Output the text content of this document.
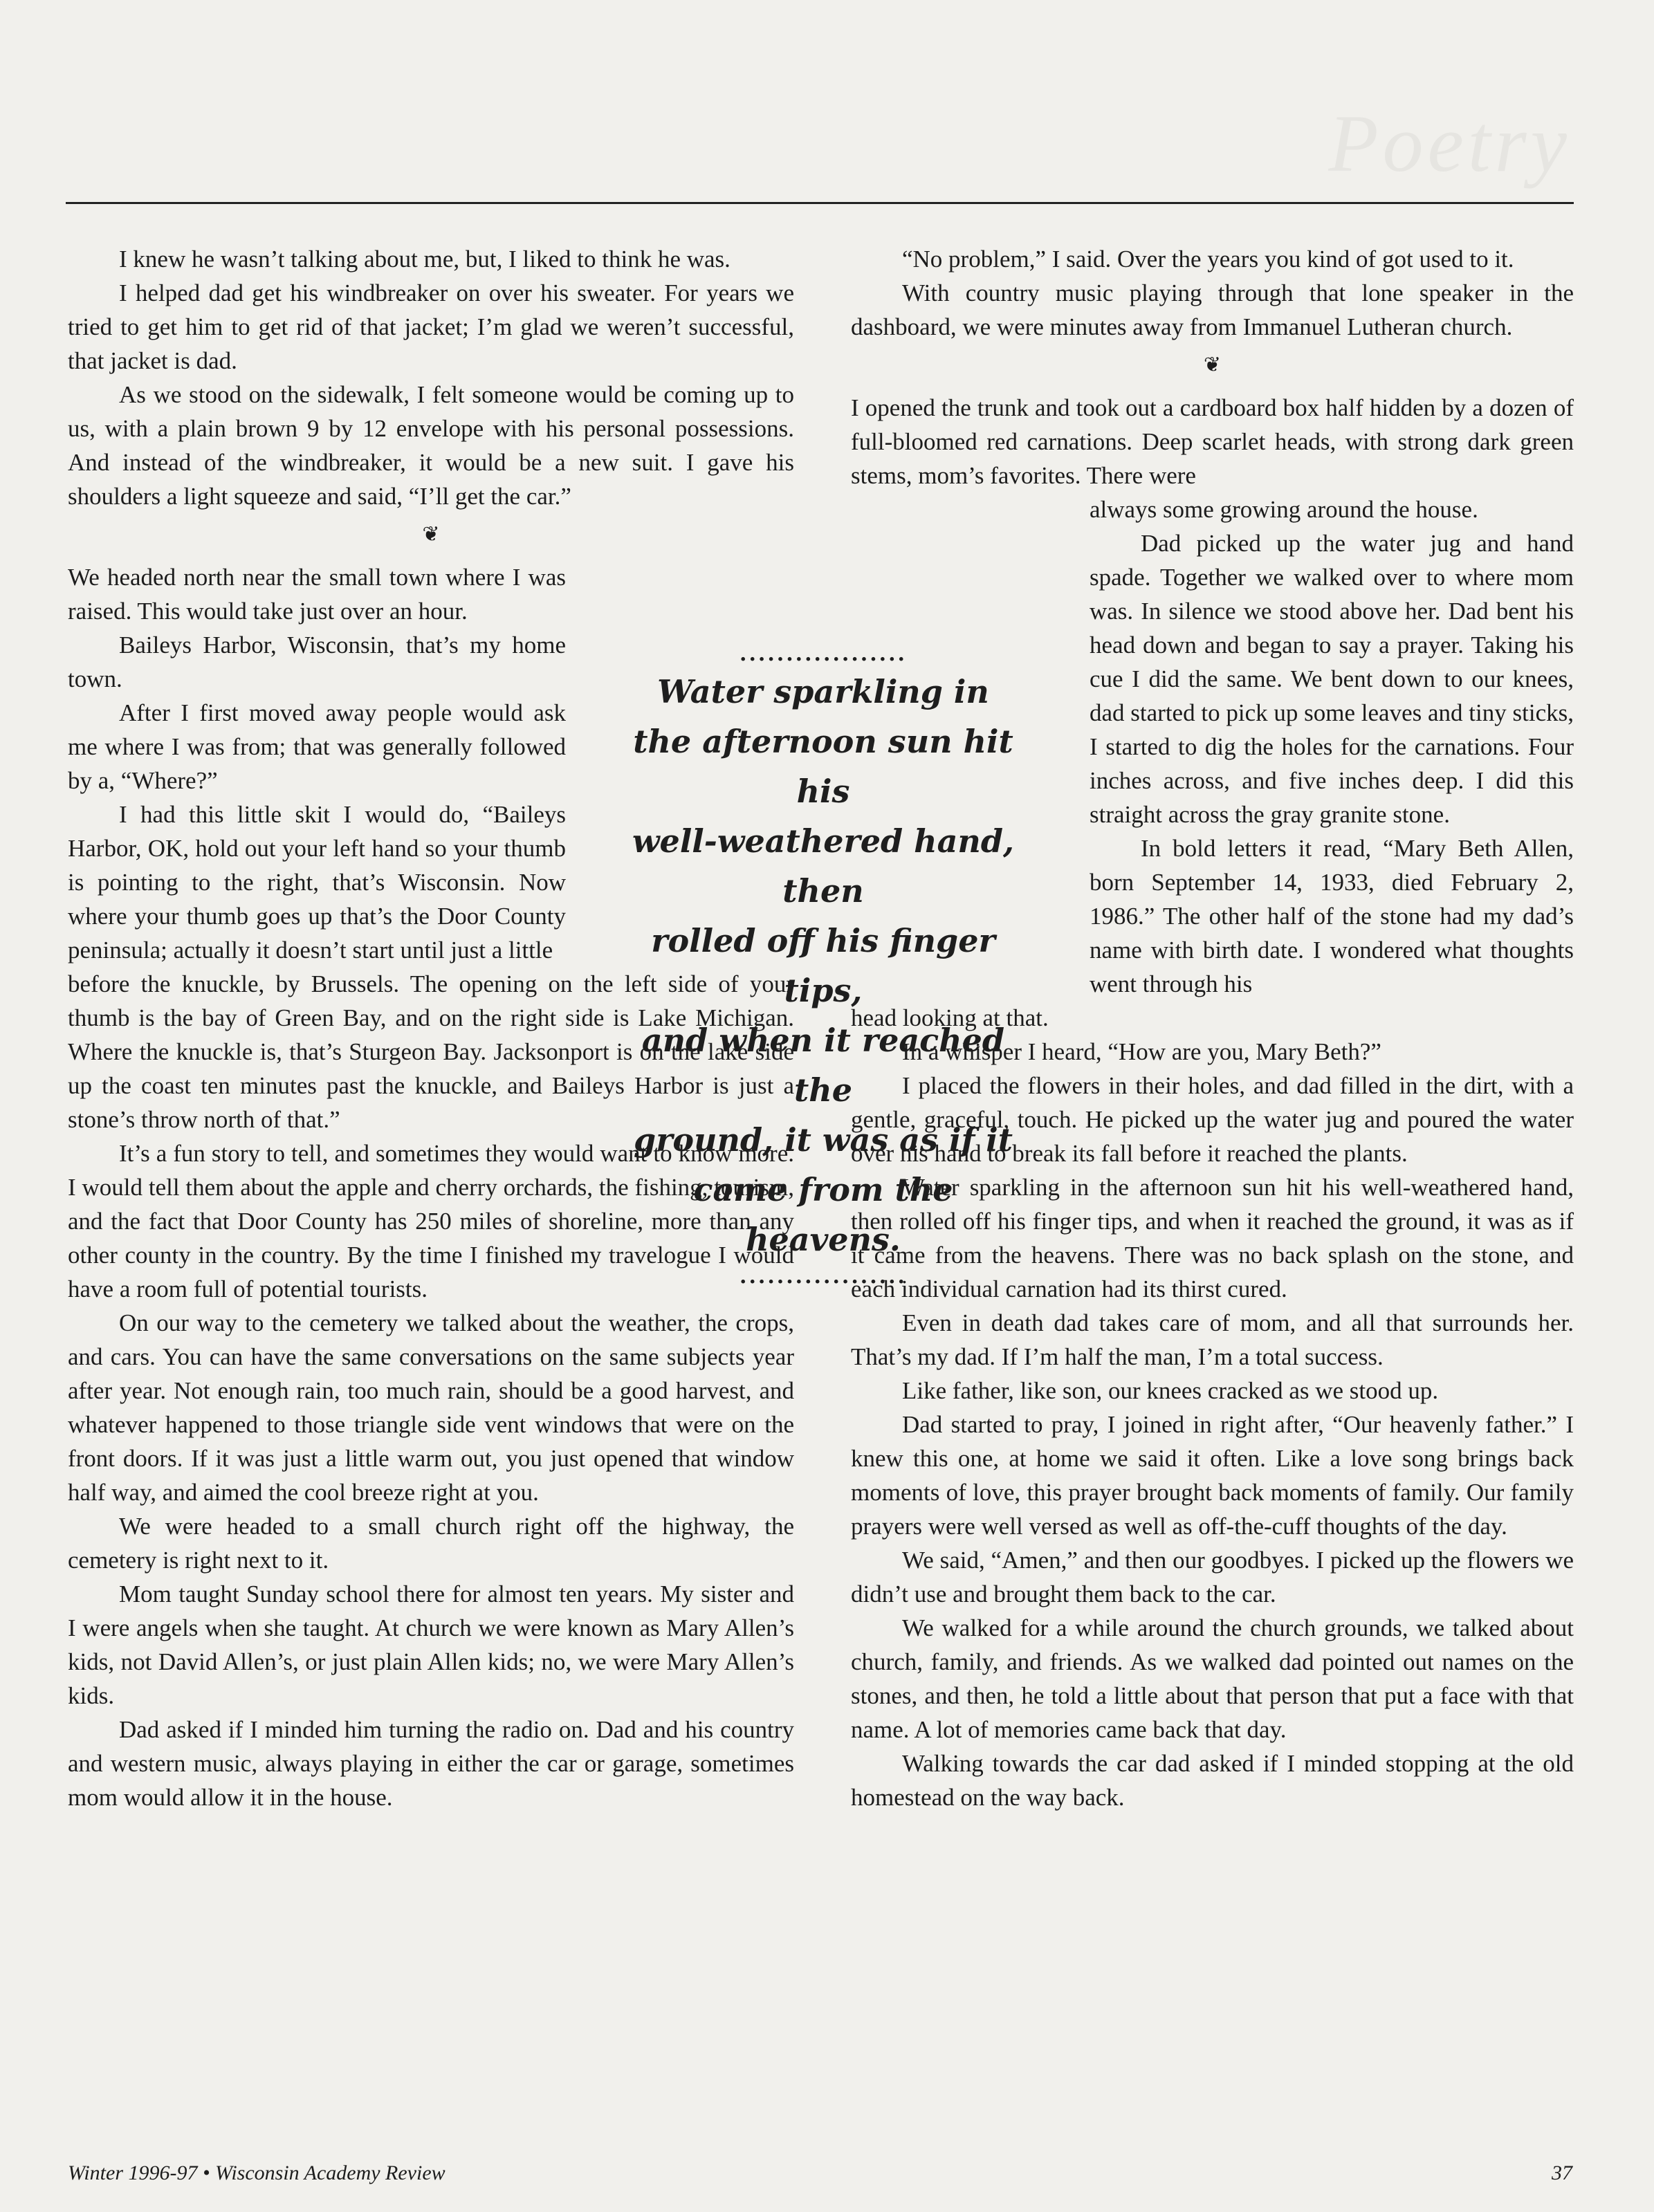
Poetry

I knew he wasn’t talking about me, but, I liked to think he was.

I helped dad get his windbreaker on over his sweater. For years we tried to get him to get rid of that jacket; I’m glad we weren’t successful, that jacket is dad.

As we stood on the sidewalk, I felt someone would be coming up to us, with a plain brown 9 by 12 envelope with his personal possessions. And instead of the windbreaker, it would be a new suit. I gave his shoulders a light squeeze and said, “I’ll get the car.”

❦

We headed north near the small town where I was raised. This would take just over an hour.

Baileys Harbor, Wisconsin, that’s my home town.

After I first moved away people would ask me where I was from; that was generally followed by a, “Where?”

I had this little skit I would do, “Baileys Harbor, OK, hold out your left hand so your thumb is pointing to the right, that’s Wisconsin. Now where your thumb goes up that’s the Door County peninsula; actually it doesn’t start until just a little

before the knuckle, by Brussels. The opening on the left side of your thumb is the bay of Green Bay, and on the right side is Lake Michigan. Where the knuckle is, that’s Sturgeon Bay. Jacksonport is on the lake side up the coast ten minutes past the knuckle, and Baileys Harbor is just a stone’s throw north of that.”

It’s a fun story to tell, and sometimes they would want to know more. I would tell them about the apple and cherry orchards, the fishing, tourism, and the fact that Door County has 250 miles of shoreline, more than any other county in the country. By the time I finished my travelogue I would have a room full of potential tourists.

On our way to the cemetery we talked about the weather, the crops, and cars. You can have the same conversations on the same subjects year after year. Not enough rain, too much rain, should be a good harvest, and whatever happened to those triangle side vent windows that were on the front doors. If it was just a little warm out, you just opened that window half way, and aimed the cool breeze right at you.

We were headed to a small church right off the highway, the cemetery is right next to it.

Mom taught Sunday school there for almost ten years. My sister and I were angels when she taught. At church we were known as Mary Allen’s kids, not David Allen’s, or just plain Allen kids; no, we were Mary Allen’s kids.

Dad asked if I minded him turning the radio on. Dad and his country and western music, always playing in either the car or garage, sometimes mom would allow it in the house.

“No problem,” I said. Over the years you kind of got used to it.

With country music playing through that lone speaker in the dashboard, we were minutes away from Immanuel Lutheran church.

❦

I opened the trunk and took out a cardboard box half hidden by a dozen of full-bloomed red carnations. Deep scarlet heads, with strong dark green stems, mom’s favorites. There were

always some growing around the house.

Dad picked up the water jug and hand spade. Together we walked over to where mom was. In silence we stood above her. Dad bent his head down and began to say a prayer. Taking his cue I did the same. We bent down to our knees, dad started to pick up some leaves and tiny sticks, I started to dig the holes for the carnations. Four inches across, and five inches deep. I did this straight across the gray granite stone.

In bold letters it read, “Mary Beth Allen, born September 14, 1933, died February 2, 1986.” The other half of the stone had my dad’s name with birth date. I wondered what thoughts went through his

head looking at that.

In a whisper I heard, “How are you, Mary Beth?”

I placed the flowers in their holes, and dad filled in the dirt, with a gentle, graceful, touch. He picked up the water jug and poured the water over his hand to break its fall before it reached the plants.

Water sparkling in the afternoon sun hit his well-weathered hand, then rolled off his finger tips, and when it reached the ground, it was as if it came from the heavens. There was no back splash on the stone, and each individual carnation had its thirst cured.

Even in death dad takes care of mom, and all that surrounds her. That’s my dad. If I’m half the man, I’m a total success.

Like father, like son, our knees cracked as we stood up.

Dad started to pray, I joined in right after, “Our heavenly father.” I knew this one, at home we said it often. Like a love song brings back moments of love, this prayer brought back moments of family. Our family prayers were well versed as well as off-the-cuff thoughts of the day.

We said, “Amen,” and then our goodbyes. I picked up the flowers we didn’t use and brought them back to the car.

We walked for a while around the church grounds, we talked about church, family, and friends. As we walked dad pointed out names on the stones, and then, he told a little about that person that put a face with that name. A lot of memories came back that day.

Walking towards the car dad asked if I minded stopping at the old homestead on the way back.

..................
Water sparkling in
the afternoon sun hit his
well-weathered hand, then
rolled off his finger tips,
and when it reached the
ground, it was as if it
came from the heavens.
..................
Winter 1996-97 • Wisconsin Academy Review	37
